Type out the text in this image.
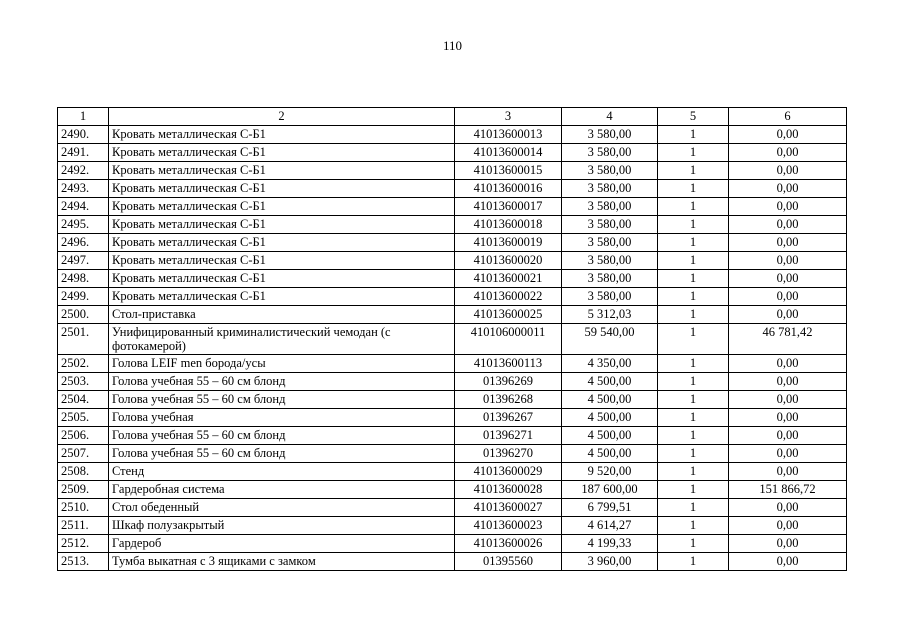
110
1	2	3	4	5	6
2490.	Кровать металлическая С-Б1	41013600013	3 580,00	1	0,00
2491.	Кровать металлическая С-Б1	41013600014	3 580,00	1	0,00
2492.	Кровать металлическая С-Б1	41013600015	3 580,00	1	0,00
2493.	Кровать металлическая С-Б1	41013600016	3 580,00	1	0,00
2494.	Кровать металлическая С-Б1	41013600017	3 580,00	1	0,00
2495.	Кровать металлическая С-Б1	41013600018	3 580,00	1	0,00
2496.	Кровать металлическая С-Б1	41013600019	3 580,00	1	0,00
2497.	Кровать металлическая С-Б1	41013600020	3 580,00	1	0,00
2498.	Кровать металлическая С-Б1	41013600021	3 580,00	1	0,00
2499.	Кровать металлическая С-Б1	41013600022	3 580,00	1	0,00
2500.	Стол-приставка	41013600025	5 312,03	1	0,00
2501.	Унифицированный криминалистический чемодан (с фотокамерой)	410106000011	59 540,00	1	46 781,42
2502.	Голова LEIF men борода/усы	41013600113	4 350,00	1	0,00
2503.	Голова учебная 55 – 60 см блонд	01396269	4 500,00	1	0,00
2504.	Голова учебная 55 – 60 см блонд	01396268	4 500,00	1	0,00
2505.	Голова учебная	01396267	4 500,00	1	0,00
2506.	Голова учебная 55 – 60 см блонд	01396271	4 500,00	1	0,00
2507.	Голова учебная 55 – 60 см блонд	01396270	4 500,00	1	0,00
2508.	Стенд	41013600029	9 520,00	1	0,00
2509.	Гардеробная система	41013600028	187 600,00	1	151 866,72
2510.	Стол обеденный	41013600027	6 799,51	1	0,00
2511.	Шкаф полузакрытый	41013600023	4 614,27	1	0,00
2512.	Гардероб	41013600026	4 199,33	1	0,00
2513.	Тумба выкатная с 3 ящиками с замком	01395560	3 960,00	1	0,00
